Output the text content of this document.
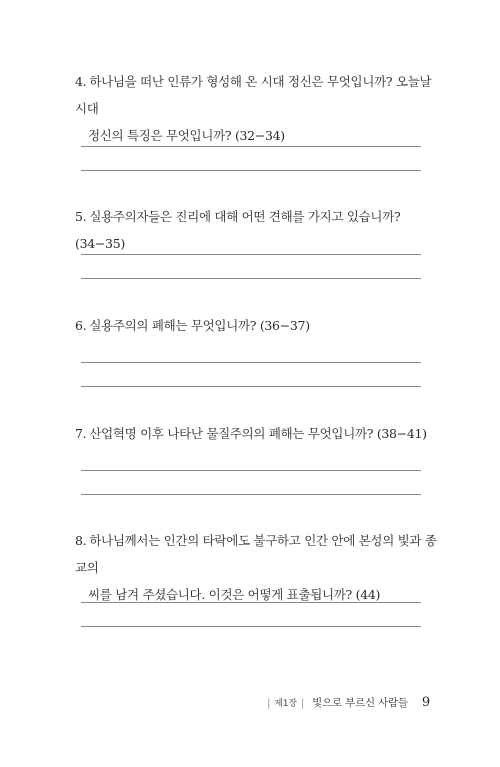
4. 하나님을 떠난 인류가 형성해 온 시대 정신은 무엇입니까? 오늘날 시대

정신의 특징은 무엇입니까? (32−34)

5. 실용주의자들은 진리에 대해 어떤 견해를 가지고 있습니까? (34−35)

6. 실용주의의 폐해는 무엇입니까? (36−37)

7. 산업혁명 이후 나타난 물질주의의 폐해는 무엇입니까? (38−41)

8. 하나님께서는 인간의 타락에도 불구하고 인간 안에 본성의 빛과 종교의

씨를 남겨 주셨습니다. 이것은 어떻게 표출됩니까? (44)

| 제1장 | 빛으로 부르신 사람들 9
